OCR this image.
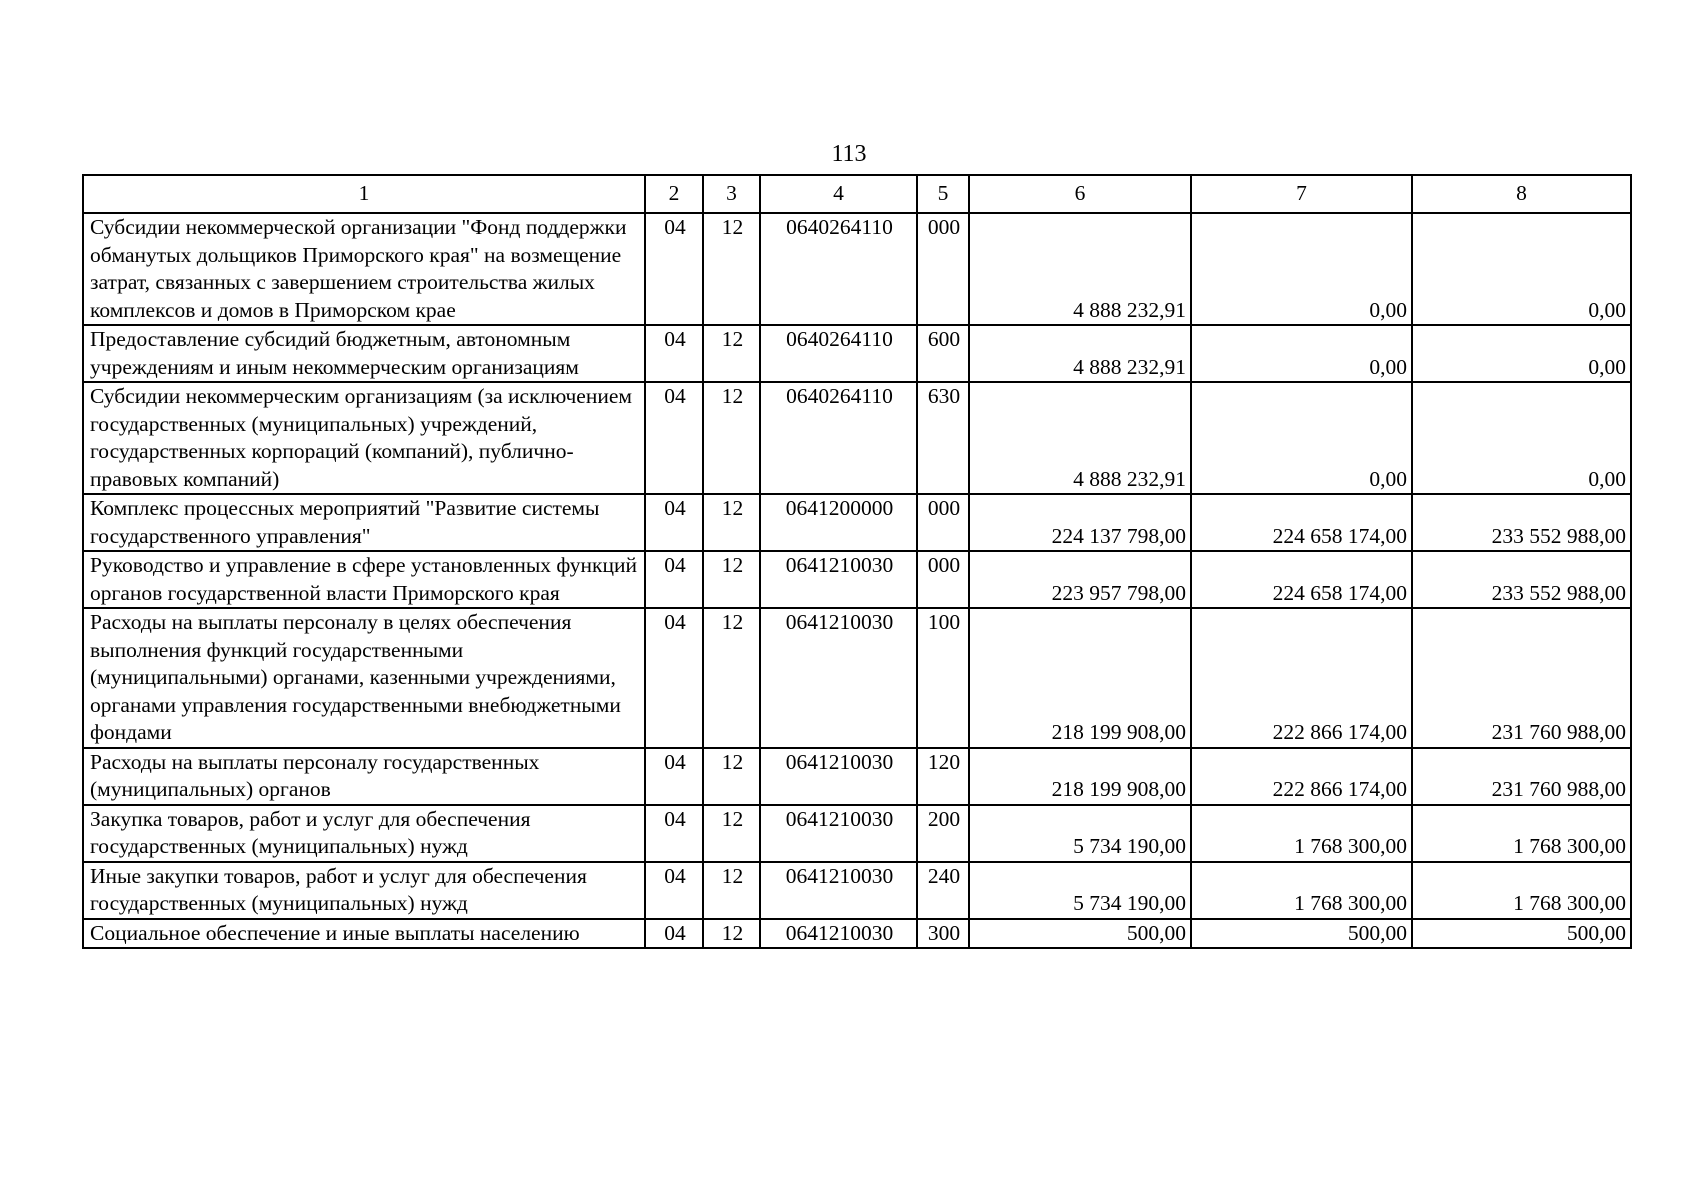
113
1	2	3	4	5	6	7	8
Субсидии некоммерческой организации "Фонд поддержки обманутых дольщиков Приморского края" на возмещение затрат, связанных с завершением строительства жилых комплексов и домов в Приморском крае	04	12	0640264110	000	4 888 232,91	0,00	0,00
Предоставление субсидий бюджетным, автономным учреждениям и иным некоммерческим организациям	04	12	0640264110	600	4 888 232,91	0,00	0,00
Субсидии некоммерческим организациям (за исключением государственных (муниципальных) учреждений, государственных корпораций (компаний), публично-правовых компаний)	04	12	0640264110	630	4 888 232,91	0,00	0,00
Комплекс процессных мероприятий "Развитие системы государственного управления"	04	12	0641200000	000	224 137 798,00	224 658 174,00	233 552 988,00
Руководство и управление в сфере установленных функций органов государственной власти Приморского края	04	12	0641210030	000	223 957 798,00	224 658 174,00	233 552 988,00
Расходы на выплаты персоналу в целях обеспечения выполнения функций государственными (муниципальными) органами, казенными учреждениями, органами управления государственными внебюджетными фондами	04	12	0641210030	100	218 199 908,00	222 866 174,00	231 760 988,00
Расходы на выплаты персоналу государственных (муниципальных) органов	04	12	0641210030	120	218 199 908,00	222 866 174,00	231 760 988,00
Закупка товаров, работ и услуг для обеспечения государственных (муниципальных) нужд	04	12	0641210030	200	5 734 190,00	1 768 300,00	1 768 300,00
Иные закупки товаров, работ и услуг для обеспечения государственных (муниципальных) нужд	04	12	0641210030	240	5 734 190,00	1 768 300,00	1 768 300,00
Социальное обеспечение и иные выплаты населению	04	12	0641210030	300	500,00	500,00	500,00
